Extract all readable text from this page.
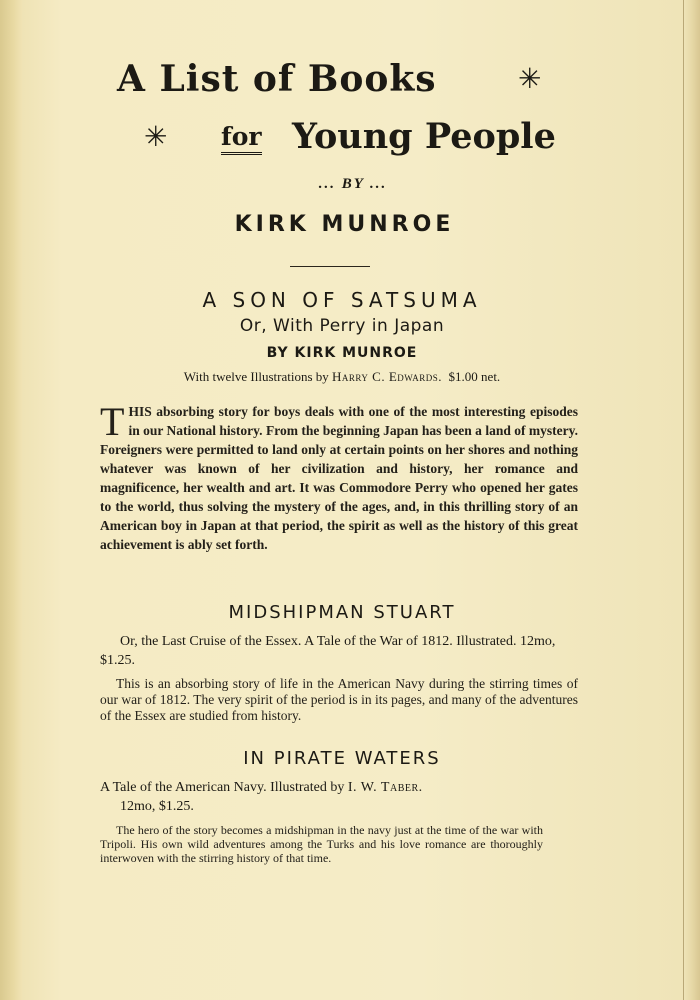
A List of Books	✳
✳ for Young People
... BY ...
KIRK MUNROE
A SON OF SATSUMA
Or, With Perry in Japan
BY KIRK MUNROE
With twelve Illustrations by Harry C. Edwards. $1.00 net.
THIS absorbing story for boys deals with one of the most interesting episodes in our National history. From the beginning Japan has been a land of mystery. Foreigners were permitted to land only at certain points on her shores and nothing whatever was known of her civilization and history, her romance and magnificence, her wealth and art. It was Commodore Perry who opened her gates to the world, thus solving the mystery of the ages, and, in this thrilling story of an American boy in Japan at that period, the spirit as well as the history of this great achievement is ably set forth.
MIDSHIPMAN STUART
Or, the Last Cruise of the Essex. A Tale of the War of 1812. Illustrated. 12mo, $1.25.
This is an absorbing story of life in the American Navy during the stirring times of our war of 1812. The very spirit of the period is in its pages, and many of the adventures of the Essex are studied from history.
IN PIRATE WATERS
A Tale of the American Navy. Illustrated by I. W. Taber.
12mo, $1.25.
The hero of the story becomes a midshipman in the navy just at the time of the war with Tripoli. His own wild adventures among the Turks and his love romance are thoroughly interwoven with the stirring history of that time.
